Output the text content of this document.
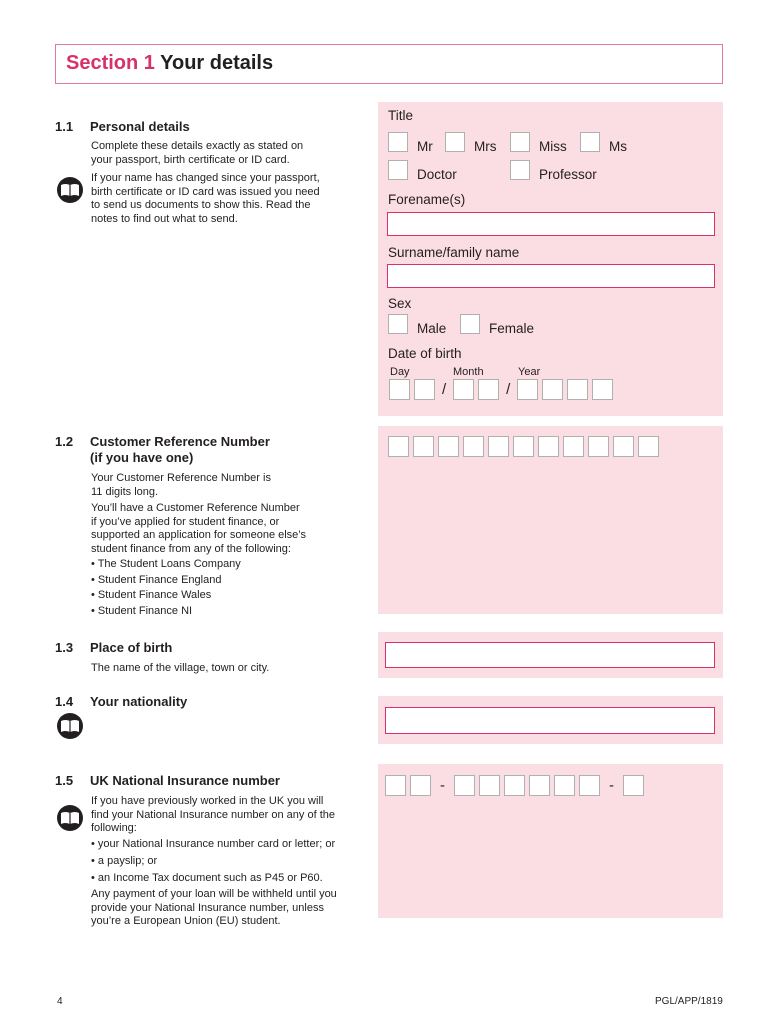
Section 1 Your details
1.1 Personal details
Complete these details exactly as stated on
your passport, birth certificate or ID card.
If your name has changed since your passport,
birth certificate or ID card was issued you need
to send us documents to show this. Read the
notes to find out what to send.
Title
Mr	Mrs	Miss	Ms
Doctor	Professor
Forename(s)
Surname/family name
Sex
Male	Female
Date of birth
Day	Month	Year
/	/
1.2 Customer Reference Number
(if you have one)
Your Customer Reference Number is
11 digits long.
You’ll have a Customer Reference Number
if you’ve applied for student finance, or
supported an application for someone else’s
student finance from any of the following:
• The Student Loans Company
• Student Finance England
• Student Finance Wales
• Student Finance NI
1.3 Place of birth
The name of the village, town or city.
1.4 Your nationality
1.5 UK National Insurance number
If you have previously worked in the UK you will
find your National Insurance number on any of the
following:
• your National Insurance number card or letter; or
• a payslip; or
• an Income Tax document such as P45 or P60.
Any payment of your loan will be withheld until you
provide your National Insurance number, unless
you’re a European Union (EU) student.
-	-
4	PGL/APP/1819
